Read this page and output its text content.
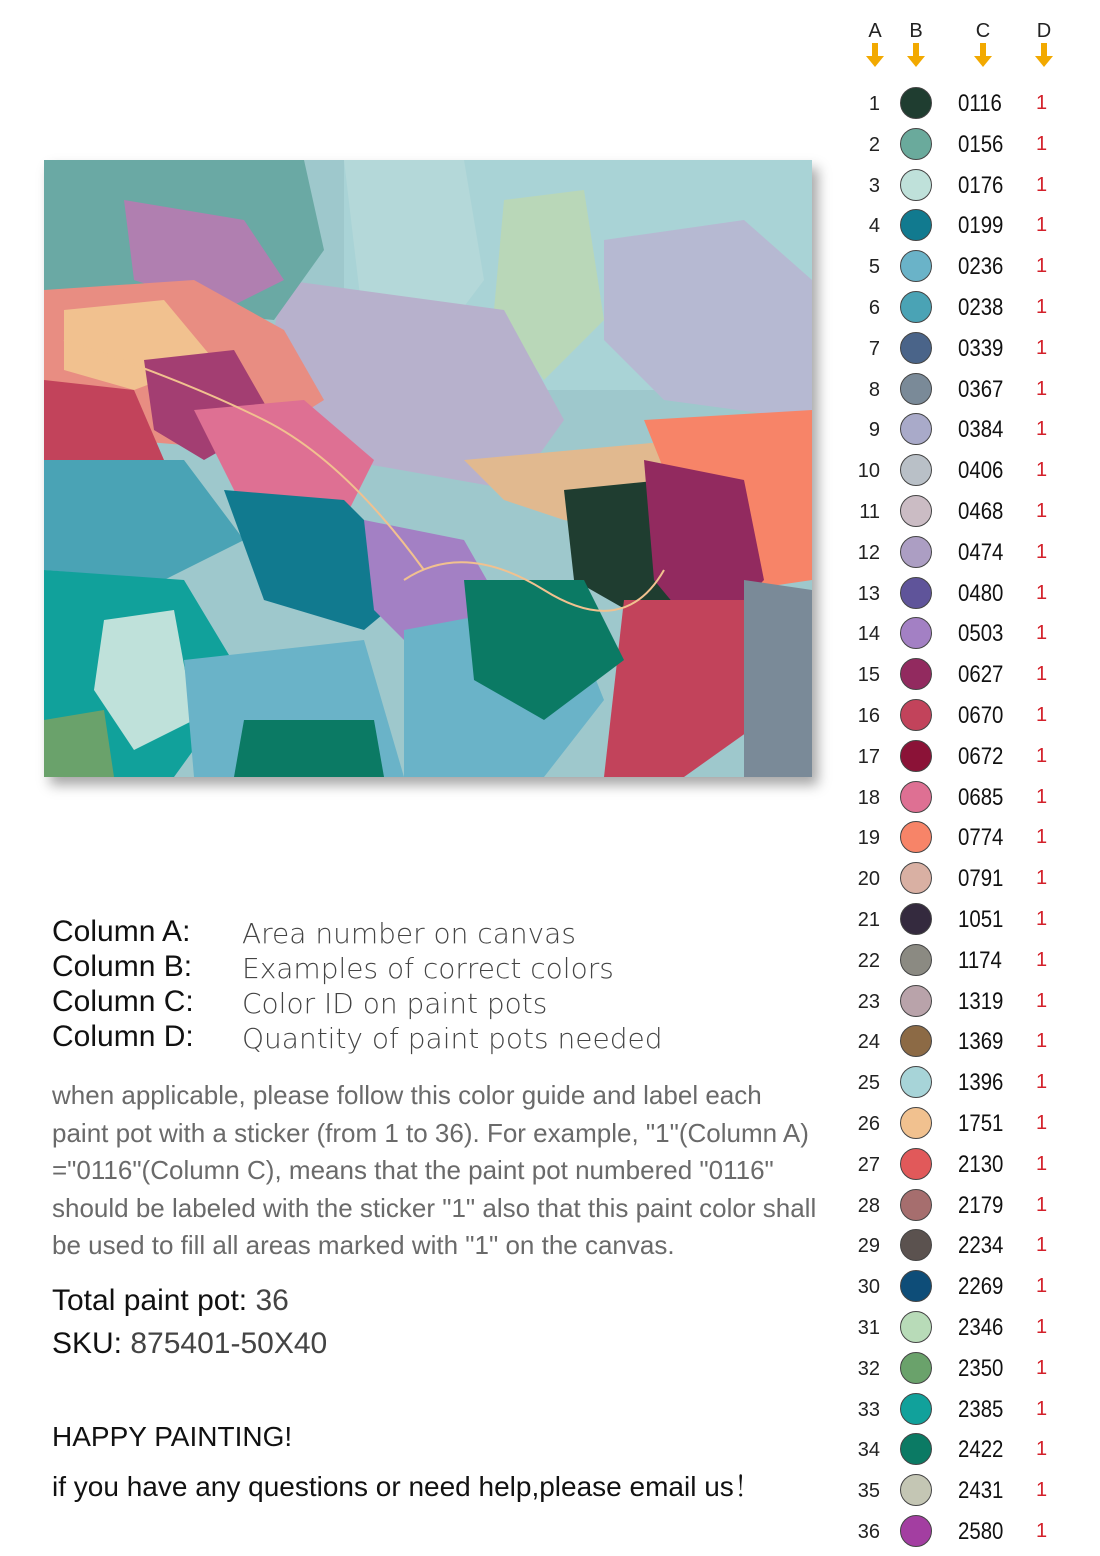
A	B	C	D
1	0116 1
2	0156 1
3	0176 1
4	0199 1
5	0236 1
6	0238 1
7	0339 1
8	0367 1
9	0384 1
10	0406 1
11	0468 1
12	0474 1
13	0480 1
14	0503 1
15	0627 1
16	0670 1
17	0672 1
18	0685 1
19	0774 1
20	0791 1
21	1051 1
22	1174 1
23	1319 1
24	1369 1
25	1396 1
26	1751 1
27	2130 1
28	2179 1
29	2234 1
30	2269 1
31	2346 1
32	2350 1
33	2385 1
34	2422 1
35	2431 1
36	2580 1
Column A: Area number on canvas
Column B: Examples of correct colors
Column C: Color ID on paint pots
Column D: Quantity of paint pots needed
when applicable, please follow this color guide and label each
paint pot with a sticker (from 1 to 36). For example, "1"(Column A)
="0116"(Column C), means that the paint pot numbered "0116"
should be labeled with the sticker "1" also that this paint color shall
be used to fill all areas marked with "1" on the canvas.
Total paint pot: 36
SKU: 875401-50X40
HAPPY PAINTING!
if you have any questions or need help,please email us！
